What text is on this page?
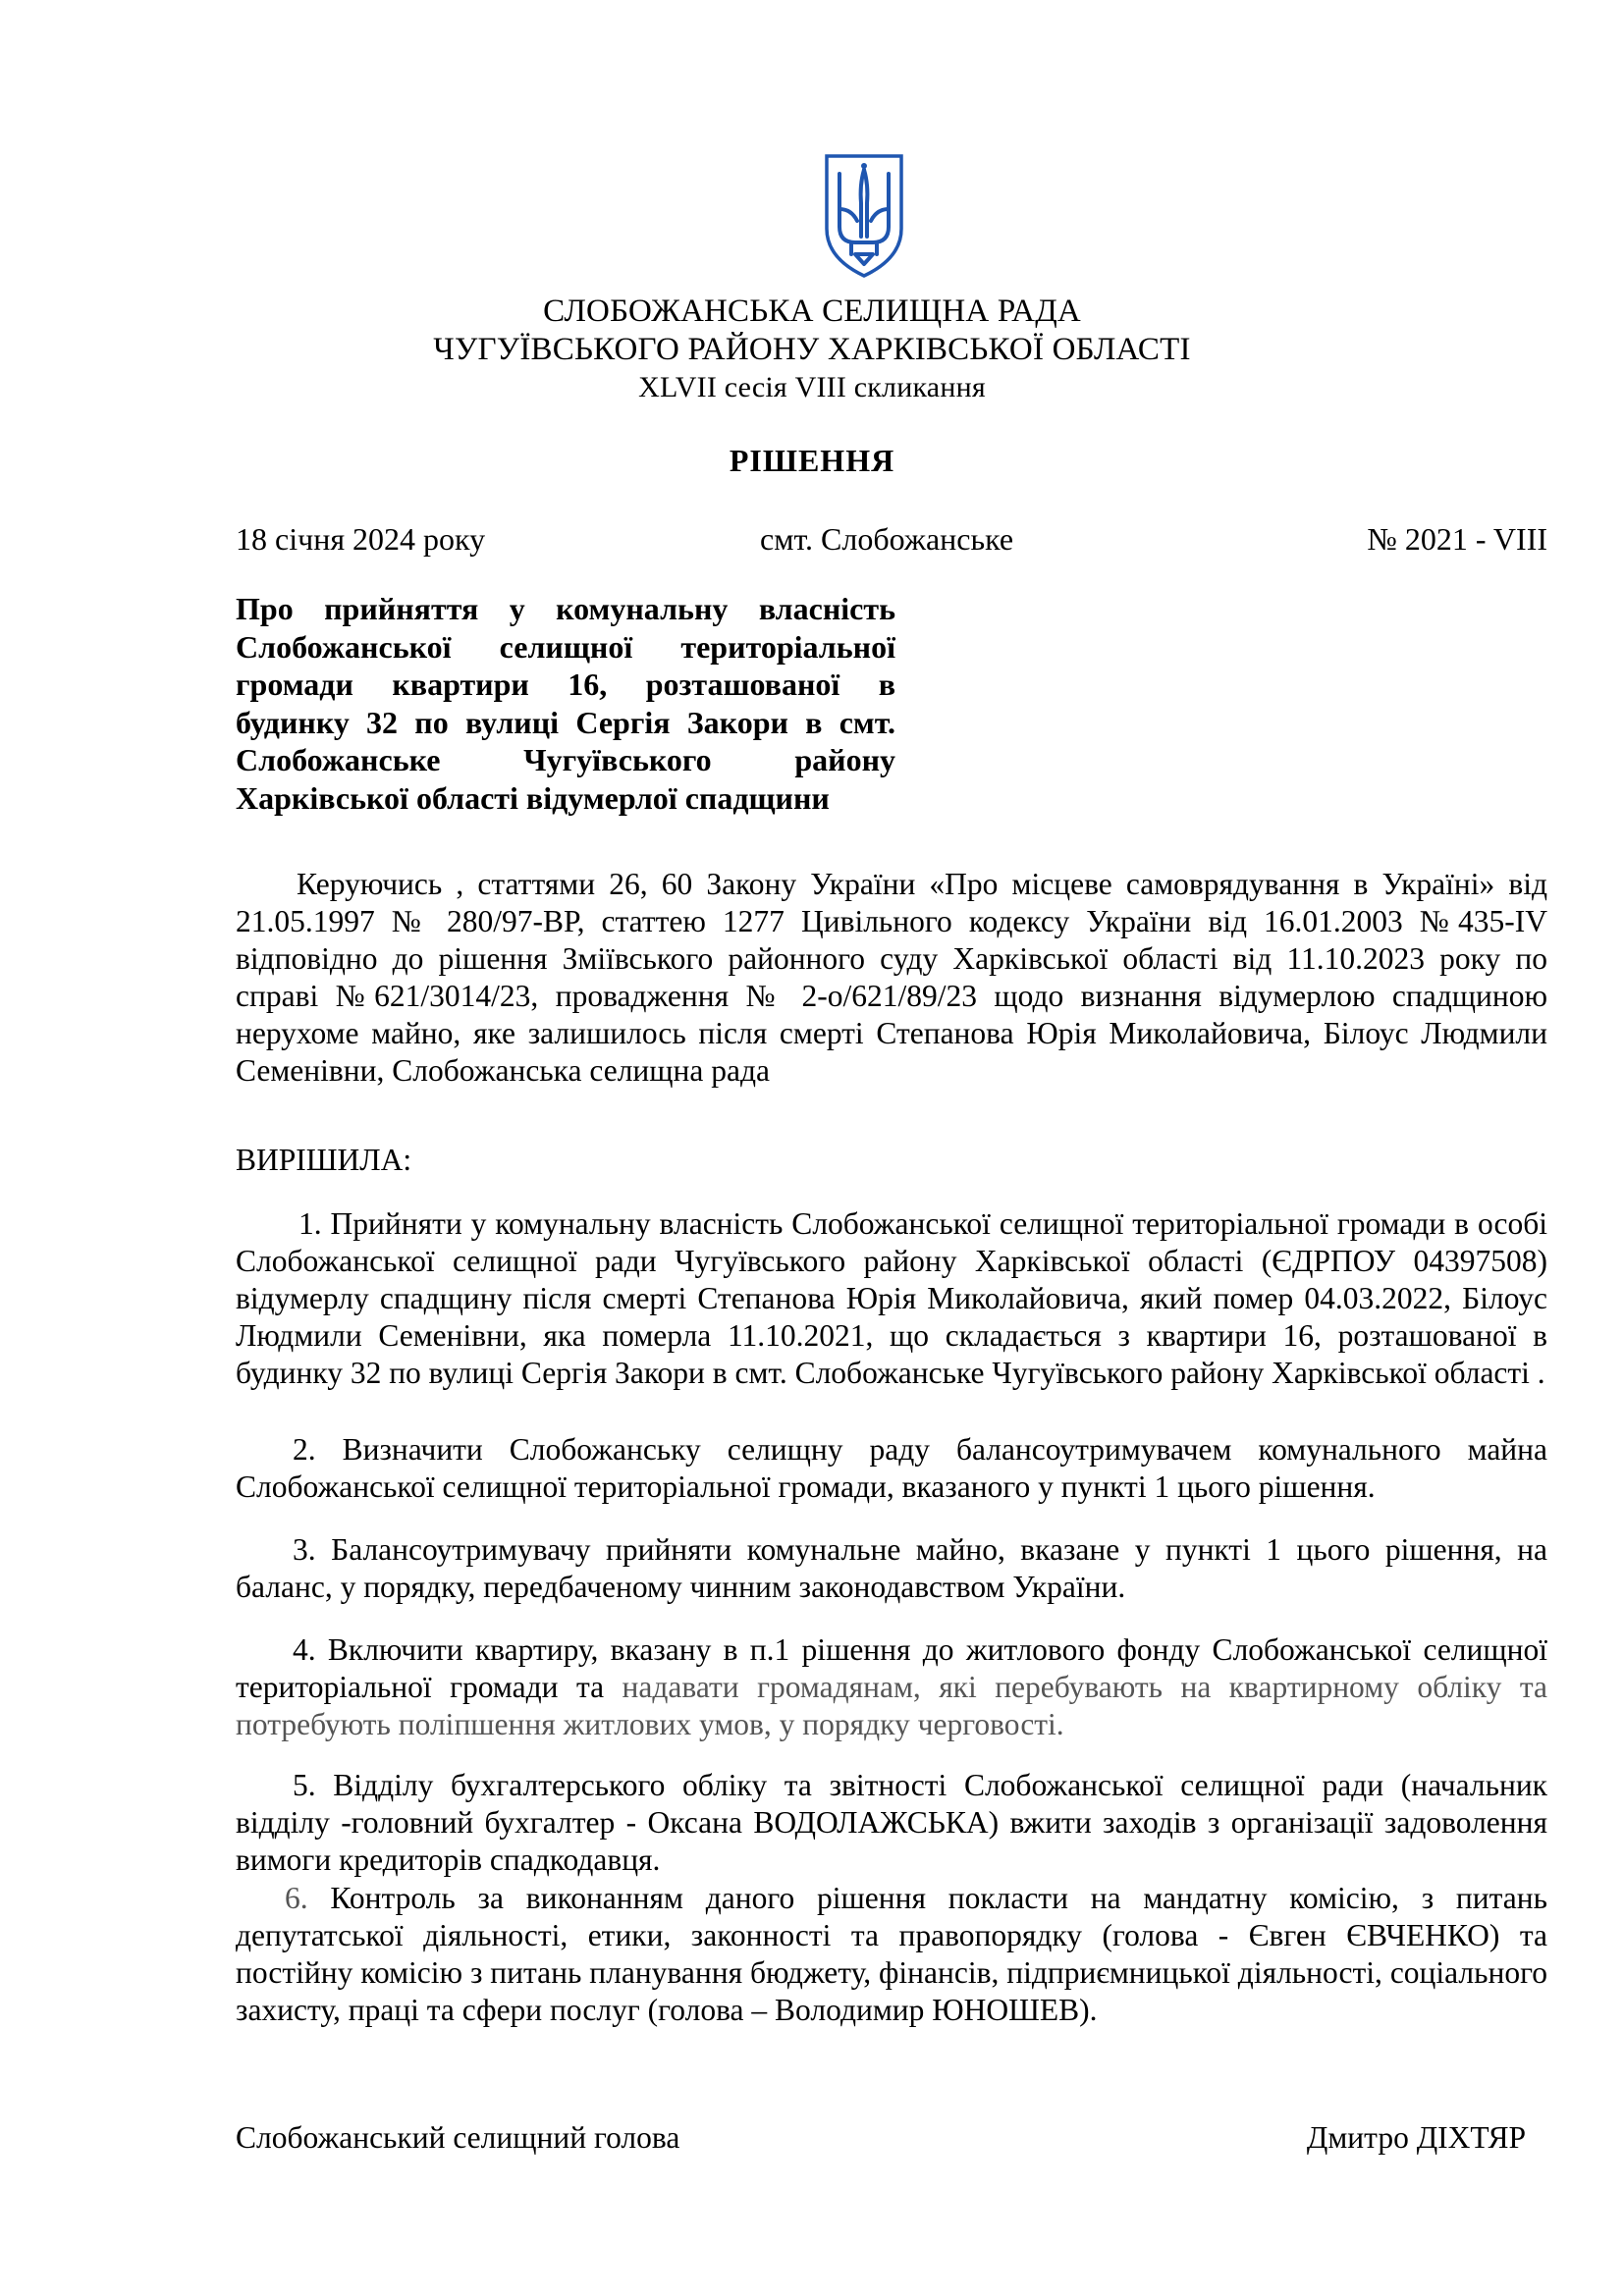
СЛОБОЖАНСЬКА СЕЛИЩНА РАДА
ЧУГУЇВСЬКОГО РАЙОНУ ХАРКІВСЬКОЇ ОБЛАСТІ
XLVII сесія VIII скликання
РІШЕННЯ
18 січня 2024 року	смт. Слобожанське	№ 2021 - VIII
Про прийняття у комунальну власність
Слобожанської селищної територіальної
громади квартири 16, розташованої в
будинку 32 по вулиці Сергія Закори в смт.
Слобожанське Чугуївського району
Харківської області відумерлої спадщини
Керуючись , статтями 26, 60 Закону України «Про місцеве самоврядування в Україні» від 21.05.1997 № 280/97-ВР, статтею 1277 Цивільного кодексу України від 16.01.2003 №435-IV відповідно до рішення Зміївського районного суду Харківської області від 11.10.2023 року по справі №621/3014/23, провадження № 2-о/621/89/23 щодо визнання відумерлою спадщиною нерухоме майно, яке залишилось після смерті Степанова Юрія Миколайовича, Білоус Людмили Семенівни, Слобожанська селищна рада
ВИРІШИЛА:
1. Прийняти у комунальну власність Слобожанської селищної територіальної громади в особі Слобожанської селищної ради Чугуївського району Харківської області (ЄДРПОУ 04397508) відумерлу спадщину після смерті Степанова Юрія Миколайовича, який помер 04.03.2022, Білоус Людмили Семенівни, яка померла 11.10.2021, що складається з квартири 16, розташованої в будинку 32 по вулиці Сергія Закори в смт. Слобожанське Чугуївського району Харківської області .
2. Визначити Слобожанську селищну раду балансоутримувачем комунального майна Слобожанської селищної територіальної громади, вказаного у пункті 1 цього рішення.
3. Балансоутримувачу прийняти комунальне майно, вказане у пункті 1 цього рішення, на баланс, у порядку, передбаченому чинним законодавством України.
4. Включити квартиру, вказану в п.1 рішення до житлового фонду Слобожанської селищної територіальної громади та надавати громадянам, які перебувають на квартирному обліку та потребують поліпшення житлових умов, у порядку черговості.
5. Відділу бухгалтерського обліку та звітності Слобожанської селищної ради (начальник відділу -головний бухгалтер - Оксана ВОДОЛАЖСЬКА) вжити заходів з організації задоволення вимоги кредиторів спадкодавця.
6. Контроль за виконанням даного рішення покласти на мандатну комісію, з питань депутатської діяльності, етики, законності та правопорядку (голова - Євген ЄВЧЕНКО) та постійну комісію з питань планування бюджету, фінансів, підприємницької діяльності, соціального захисту, праці та сфери послуг (голова – Володимир ЮНОШЕВ).
Слобожанський селищний голова	Дмитро ДІХТЯР
